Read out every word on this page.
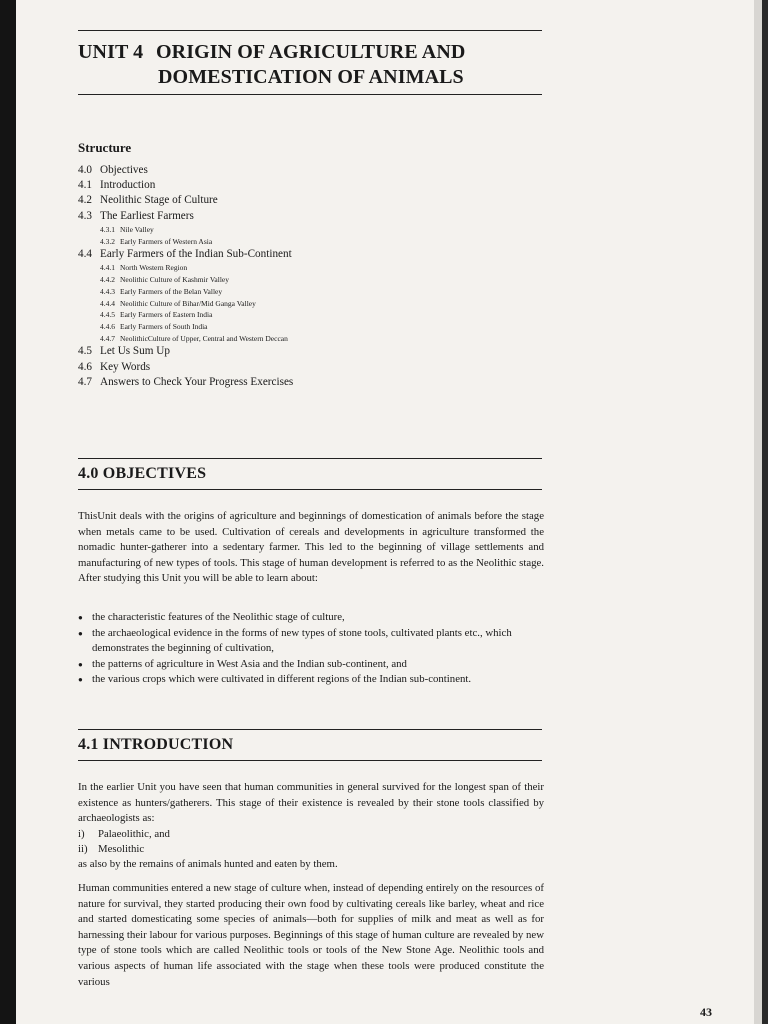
UNIT 4 ORIGIN OF AGRICULTURE AND
DOMESTICATION OF ANIMALS
Structure
4.0 Objectives
4.1 Introduction
4.2 Neolithic Stage of Culture
4.3 The Earliest Farmers
4.3.1 Nile Valley
4.3.2 Early Farmers of Western Asia
4.4 Early Farmers of the Indian Sub-Continent
4.4.1 North Western Region
4.4.2 Neolithic Culture of Kashmir Valley
4.4.3 Early Farmers of the Belan Valley
4.4.4 Neolithic Culture of Bihar/Mid Ganga Valley
4.4.5 Early Farmers of Eastern India
4.4.6 Early Farmers of South India
4.4.7 NeolithicCulture of Upper, Central and Western Deccan
4.5 Let Us Sum Up
4.6 Key Words
4.7 Answers to Check Your Progress Exercises
4.0 OBJECTIVES

ThisUnit deals with the origins of agriculture and beginnings of domestication of animals before the stage when metals came to be used. Cultivation of cereals and developments in agriculture transformed the nomadic hunter-gatherer into a sedentary farmer. This led to the beginning of village settlements and manufacturing of new types of tools. This stage of human development is referred to as the Neolithic stage. After studying this Unit you will be able to learn about:

● the characteristic features of the Neolithic stage of culture,
● the archaeological evidence in the forms of new types of stone tools, cultivated plants etc., which demonstrates the beginning of cultivation,
● the patterns of agriculture in West Asia and the Indian sub-continent, and
● the various crops which were cultivated in different regions of the Indian sub-continent.
4.1 INTRODUCTION

In the earlier Unit you have seen that human communities in general survived for the longest span of their existence as hunters/gatherers. This stage of their existence is revealed by their stone tools classified by archaeologists as:

i) Palaeolithic, and
ii) Mesolithic

as also by the remains of animals hunted and eaten by them.

Human communities entered a new stage of culture when, instead of depending entirely on the resources of nature for survival, they started producing their own food by cultivating cereals like barley, wheat and rice and started domesticating some species of animals—both for supplies of milk and meat as well as for harnessing their labour for various purposes. Beginnings of this stage of human culture are revealed by new type of stone tools which are called Neolithic tools or tools of the New Stone Age. Neolithic tools and various aspects of human life associated with the stage when these tools were produced constitute the various

43
